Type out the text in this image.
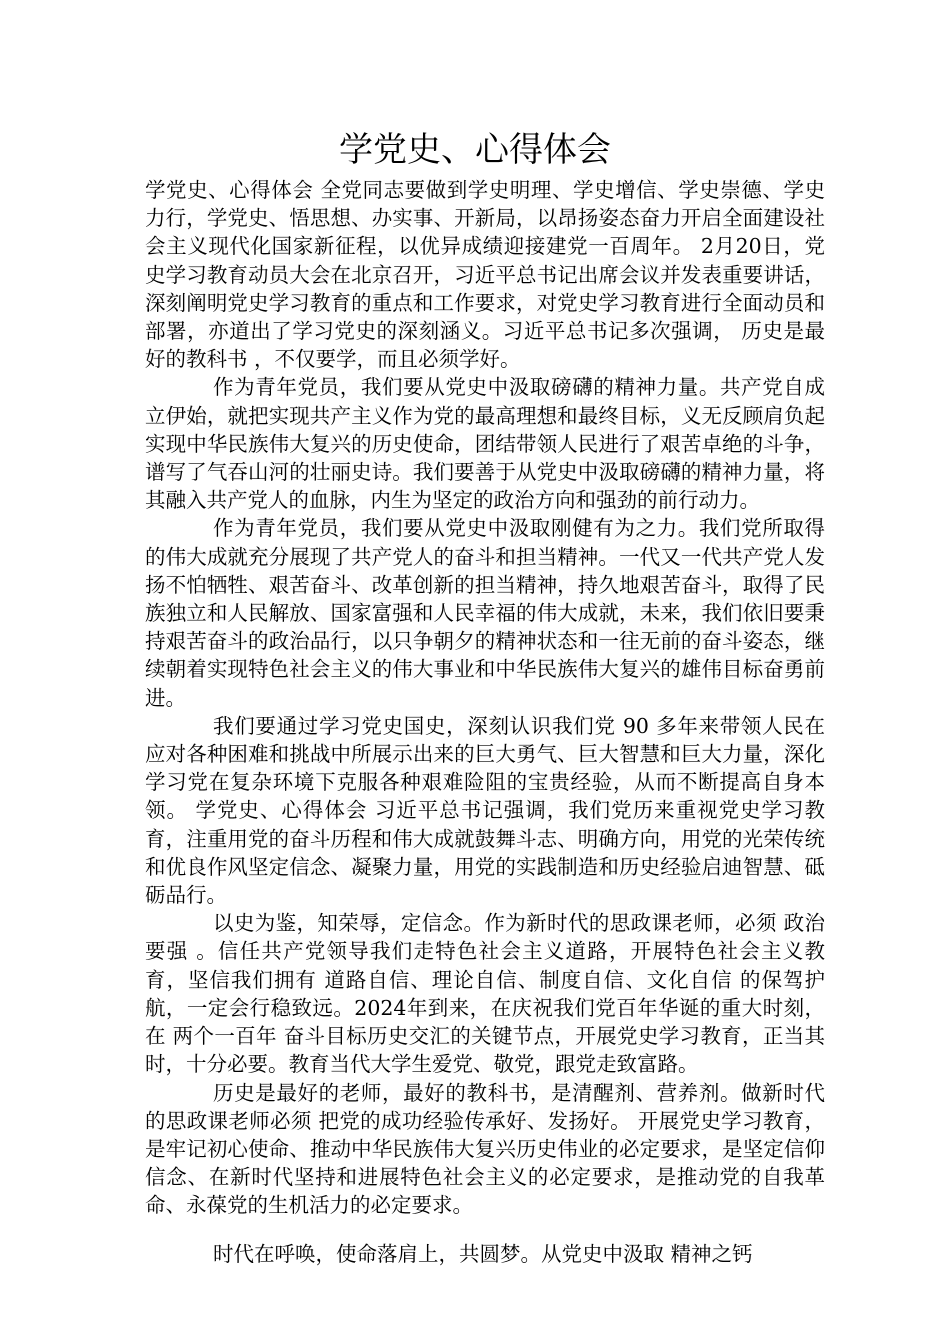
学党史、心得体会

学党史、心得体会 全党同志要做到学史明理、学史增信、学史崇德、学史力行，学党史、悟思想、办实事、开新局，以昂扬姿态奋力开启全面建设社会主义现代化国家新征程，以优异成绩迎接建党一百周年。 2月20日，党史学习教育动员大会在北京召开，习近平总书记出席会议并发表重要讲话，深刻阐明党史学习教育的重点和工作要求，对党史学习教育进行全面动员和部署，亦道出了学习党史的深刻涵义。习近平总书记多次强调， 历史是最好的教科书 ，不仅要学，而且必须学好。

作为青年党员，我们要从党史中汲取磅礴的精神力量。共产党自成立伊始，就把实现共产主义作为党的最高理想和最终目标，义无反顾肩负起实现中华民族伟大复兴的历史使命，团结带领人民进行了艰苦卓绝的斗争，谱写了气吞山河的壮丽史诗。我们要善于从党史中汲取磅礴的精神力量，将其融入共产党人的血脉，内生为坚定的政治方向和强劲的前行动力。

作为青年党员，我们要从党史中汲取刚健有为之力。我们党所取得的伟大成就充分展现了共产党人的奋斗和担当精神。一代又一代共产党人发扬不怕牺牲、艰苦奋斗、改革创新的担当精神，持久地艰苦奋斗，取得了民族独立和人民解放、国家富强和人民幸福的伟大成就，未来，我们依旧要秉持艰苦奋斗的政治品行，以只争朝夕的精神状态和一往无前的奋斗姿态，继续朝着实现特色社会主义的伟大事业和中华民族伟大复兴的雄伟目标奋勇前进。

我们要通过学习党史国史，深刻认识我们党 90 多年来带领人民在应对各种困难和挑战中所展示出来的巨大勇气、巨大智慧和巨大力量，深化学习党在复杂环境下克服各种艰难险阻的宝贵经验，从而不断提高自身本领。 学党史、心得体会 习近平总书记强调，我们党历来重视党史学习教育，注重用党的奋斗历程和伟大成就鼓舞斗志、明确方向，用党的光荣传统和优良作风坚定信念、凝聚力量，用党的实践制造和历史经验启迪智慧、砥砺品行。

以史为鉴，知荣辱，定信念。作为新时代的思政课老师，必须 政治要强 。信任共产党领导我们走特色社会主义道路，开展特色社会主义教育，坚信我们拥有 道路自信、理论自信、制度自信、文化自信 的保驾护航，一定会行稳致远。2024年到来，在庆祝我们党百年华诞的重大时刻，在 两个一百年 奋斗目标历史交汇的关键节点，开展党史学习教育，正当其时，十分必要。教育当代大学生爱党、敬党，跟党走致富路。

历史是最好的老师，最好的教科书，是清醒剂、营养剂。做新时代的思政课老师必须 把党的成功经验传承好、发扬好。 开展党史学习教育，是牢记初心使命、推动中华民族伟大复兴历史伟业的必定要求，是坚定信仰信念、在新时代坚持和进展特色社会主义的必定要求，是推动党的自我革命、永葆党的生机活力的必定要求。

时代在呼唤，使命落肩上，共圆梦。从党史中汲取 精神之钙
